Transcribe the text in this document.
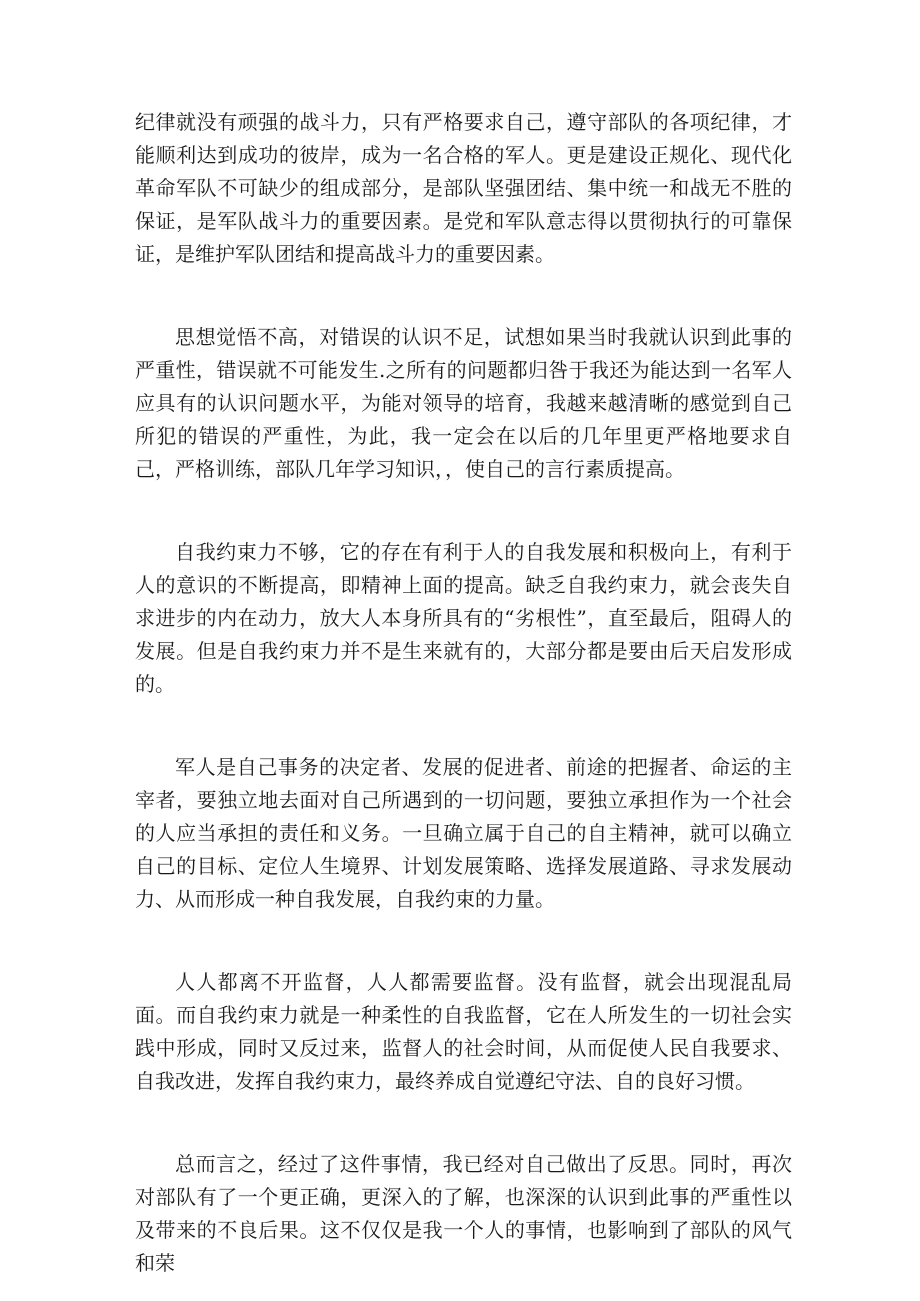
纪律就没有顽强的战斗力，只有严格要求自己，遵守部队的各项纪律，才能顺利达到成功的彼岸，成为一名合格的军人。更是建设正规化、现代化革命军队不可缺少的组成部分，是部队坚强团结、集中统一和战无不胜的保证，是军队战斗力的重要因素。是党和军队意志得以贯彻执行的可靠保证，是维护军队团结和提高战斗力的重要因素。

思想觉悟不高，对错误的认识不足，试想如果当时我就认识到此事的严重性，错误就不可能发生.之所有的问题都归咎于我还为能达到一名军人应具有的认识问题水平，为能对领导的培育，我越来越清晰的感觉到自己所犯的错误的严重性，为此，我一定会在以后的几年里更严格地要求自己，严格训练，部队几年学习知识，，使自己的言行素质提高。

自我约束力不够，它的存在有利于人的自我发展和积极向上，有利于人的意识的不断提高，即精神上面的提高。缺乏自我约束力，就会丧失自求进步的内在动力，放大人本身所具有的“劣根性”，直至最后，阻碍人的发展。但是自我约束力并不是生来就有的，大部分都是要由后天启发形成的。

军人是自己事务的决定者、发展的促进者、前途的把握者、命运的主宰者，要独立地去面对自己所遇到的一切问题，要独立承担作为一个社会的人应当承担的责任和义务。一旦确立属于自己的自主精神，就可以确立自己的目标、定位人生境界、计划发展策略、选择发展道路、寻求发展动力、从而形成一种自我发展，自我约束的力量。

人人都离不开监督，人人都需要监督。没有监督，就会出现混乱局面。而自我约束力就是一种柔性的自我监督，它在人所发生的一切社会实践中形成，同时又反过来，监督人的社会时间，从而促使人民自我要求、自我改进，发挥自我约束力，最终养成自觉遵纪守法、自的良好习惯。

总而言之，经过了这件事情，我已经对自己做出了反思。同时，再次对部队有了一个更正确，更深入的了解，也深深的认识到此事的严重性以及带来的不良后果。这不仅仅是我一个人的事情，也影响到了部队的风气和荣
